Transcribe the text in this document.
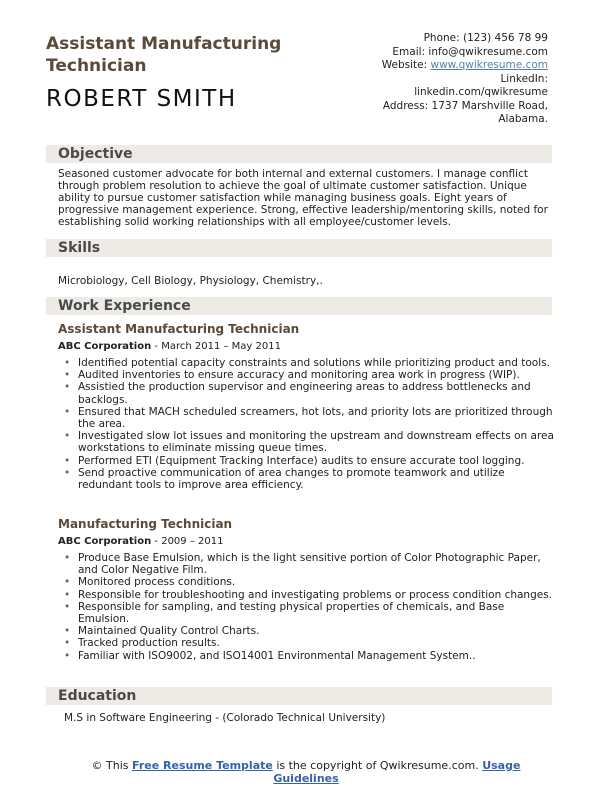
Assistant Manufacturing Technician
ROBERT SMITH
Phone: (123) 456 78 99
Email: info@qwikresume.com
Website: www.qwikresume.com
LinkedIn:
linkedin.com/qwikresume
Address: 1737 Marshville Road,
Alabama.
Objective
Seasoned customer advocate for both internal and external customers. I manage conflict through problem resolution to achieve the goal of ultimate customer satisfaction. Unique ability to pursue customer satisfaction while managing business goals. Eight years of progressive management experience. Strong, effective leadership/mentoring skills, noted for establishing solid working relationships with all employee/customer levels.
Skills
Microbiology, Cell Biology, Physiology, Chemistry,.
Work Experience
Assistant Manufacturing Technician
ABC Corporation - March 2011 – May 2011
• Identified potential capacity constraints and solutions while prioritizing product and tools.
• Audited inventories to ensure accuracy and monitoring area work in progress (WIP).
• Assistied the production supervisor and engineering areas to address bottlenecks and backlogs.
• Ensured that MACH scheduled screamers, hot lots, and priority lots are prioritized through the area.
• Investigated slow lot issues and monitoring the upstream and downstream effects on area workstations to eliminate missing queue times.
• Performed ETI (Equipment Tracking Interface) audits to ensure accurate tool logging.
• Send proactive communication of area changes to promote teamwork and utilize redundant tools to improve area efficiency.
Manufacturing Technician
ABC Corporation - 2009 – 2011
• Produce Base Emulsion, which is the light sensitive portion of Color Photographic Paper, and Color Negative Film.
• Monitored process conditions.
• Responsible for troubleshooting and investigating problems or process condition changes.
• Responsible for sampling, and testing physical properties of chemicals, and Base Emulsion.
• Maintained Quality Control Charts.
• Tracked production results.
• Familiar with ISO9002, and ISO14001 Environmental Management System..
Education
M.S in Software Engineering - (Colorado Technical University)
© This Free Resume Template is the copyright of Qwikresume.com. Usage Guidelines
